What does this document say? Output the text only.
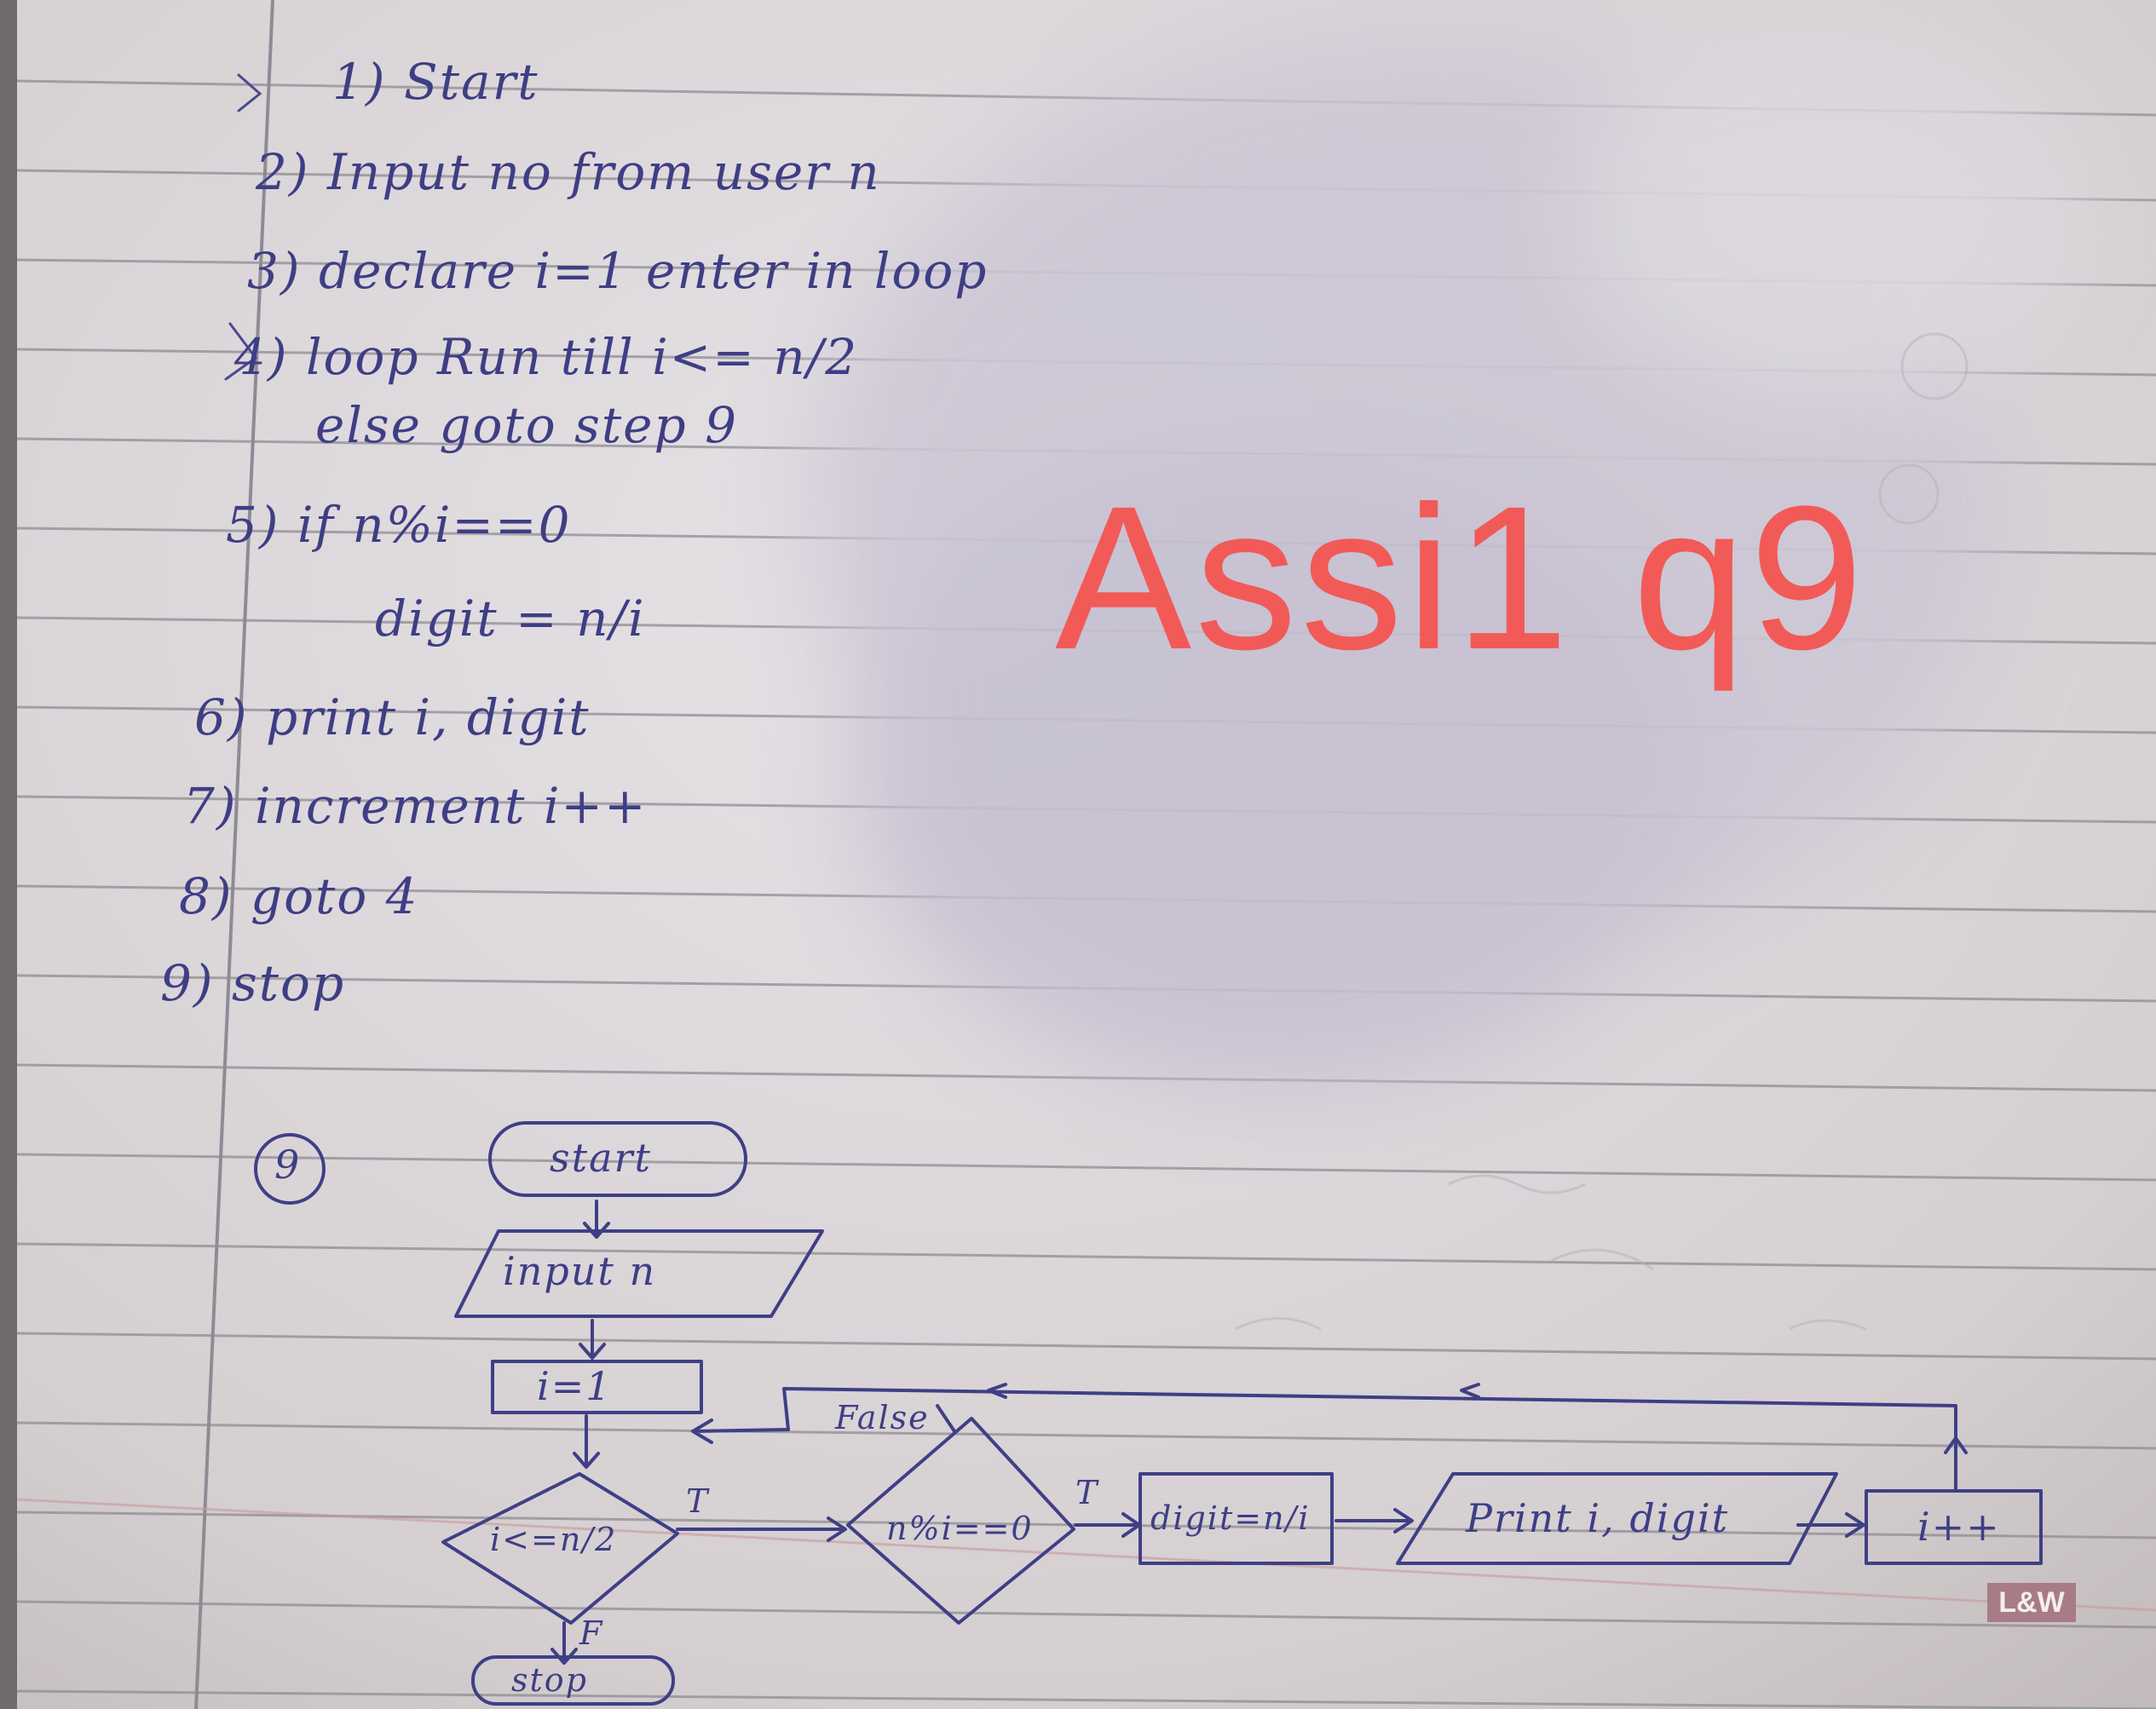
1) Start
2) Input no from user n
3) declare i=1 enter in loop
4) loop Run till i<= n/2
else goto step 9
5) if n%i==0
digit = n/i
6) print i, digit
7) increment i++
8) goto 4
9) stop
9	start
input n
i=1
i<=n/2
T
F
stop
n%i==0
T
False
digit=n/i	Print i, digit	i++
Assi1 q9
L&W
